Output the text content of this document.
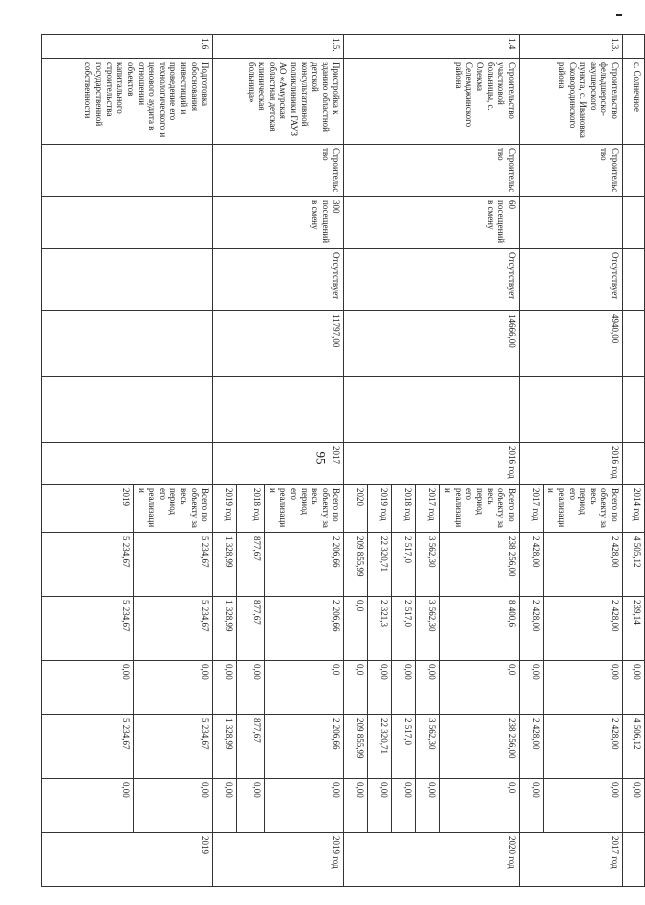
95
	с. Солнечное							2014 год	4 505,12	239,14	0,00	4 506,12	0,00	
1.3.	Строительство фельдшерско-акушерского пункта, с. Ивановка Сковородинского района	Строительство		Отсутствует	4940,00		2016 год	Всего по объекту за весь период его реализации	2 428,00	2 428,00	0,00	2 428,00	0,00	2017 год
								2017 год	2 428,00	2 428,00	0,00	2 428,00	0,00	
1.4	Строительство участковой больницы, с. Олекма Селемджинского района	Строительство	60 посещений в смену	Отсутствует	14666,00		2016 год	Всего по объекту за весь период его реализации	238 256,00	8 400,6	0,0	238 256,00	0,0	2020 год
								2017 год	3 562,30	3 562,30	0,00	3 562,30	0,00	
								2018 год	2 517,0	2 517,0	0,00	2 517,0	0,00	
								2019 год	22 320,71	2 321,3	0,00	22 320,71	0,00	
								2020	209 855,99	0,0	0,0	209 855,99	0,00	
1.5.	Пристройка к зданию областной детской консультативной поликлиники ГАУЗ АО «Амурская областная детская клиническая больница»	Строительство	300 посещений в смену	Отсутствует	11797,00		2017	Всего по объекту за весь период его реализации	2 206,66	2 206,66	0,0	2 206,66	0,00	2019 год
								2018 год	877,67	877,67	0,00	877,67	0,00	
								2019 год	1 328,99	1 328,99	0,00	1 328,99	0,00	
1.6	Подготовка обоснования инвестиций и проведение его технологического и ценового аудита в отношении объектов капитального строительства государственной собственности							Всего по объекту за весь период его реализации	5 234,67	5 234,67	0,00	5 234,67	0,00	2019
								2019	5 234,67	5 234,67	0,00	5 234,67	0,00	
